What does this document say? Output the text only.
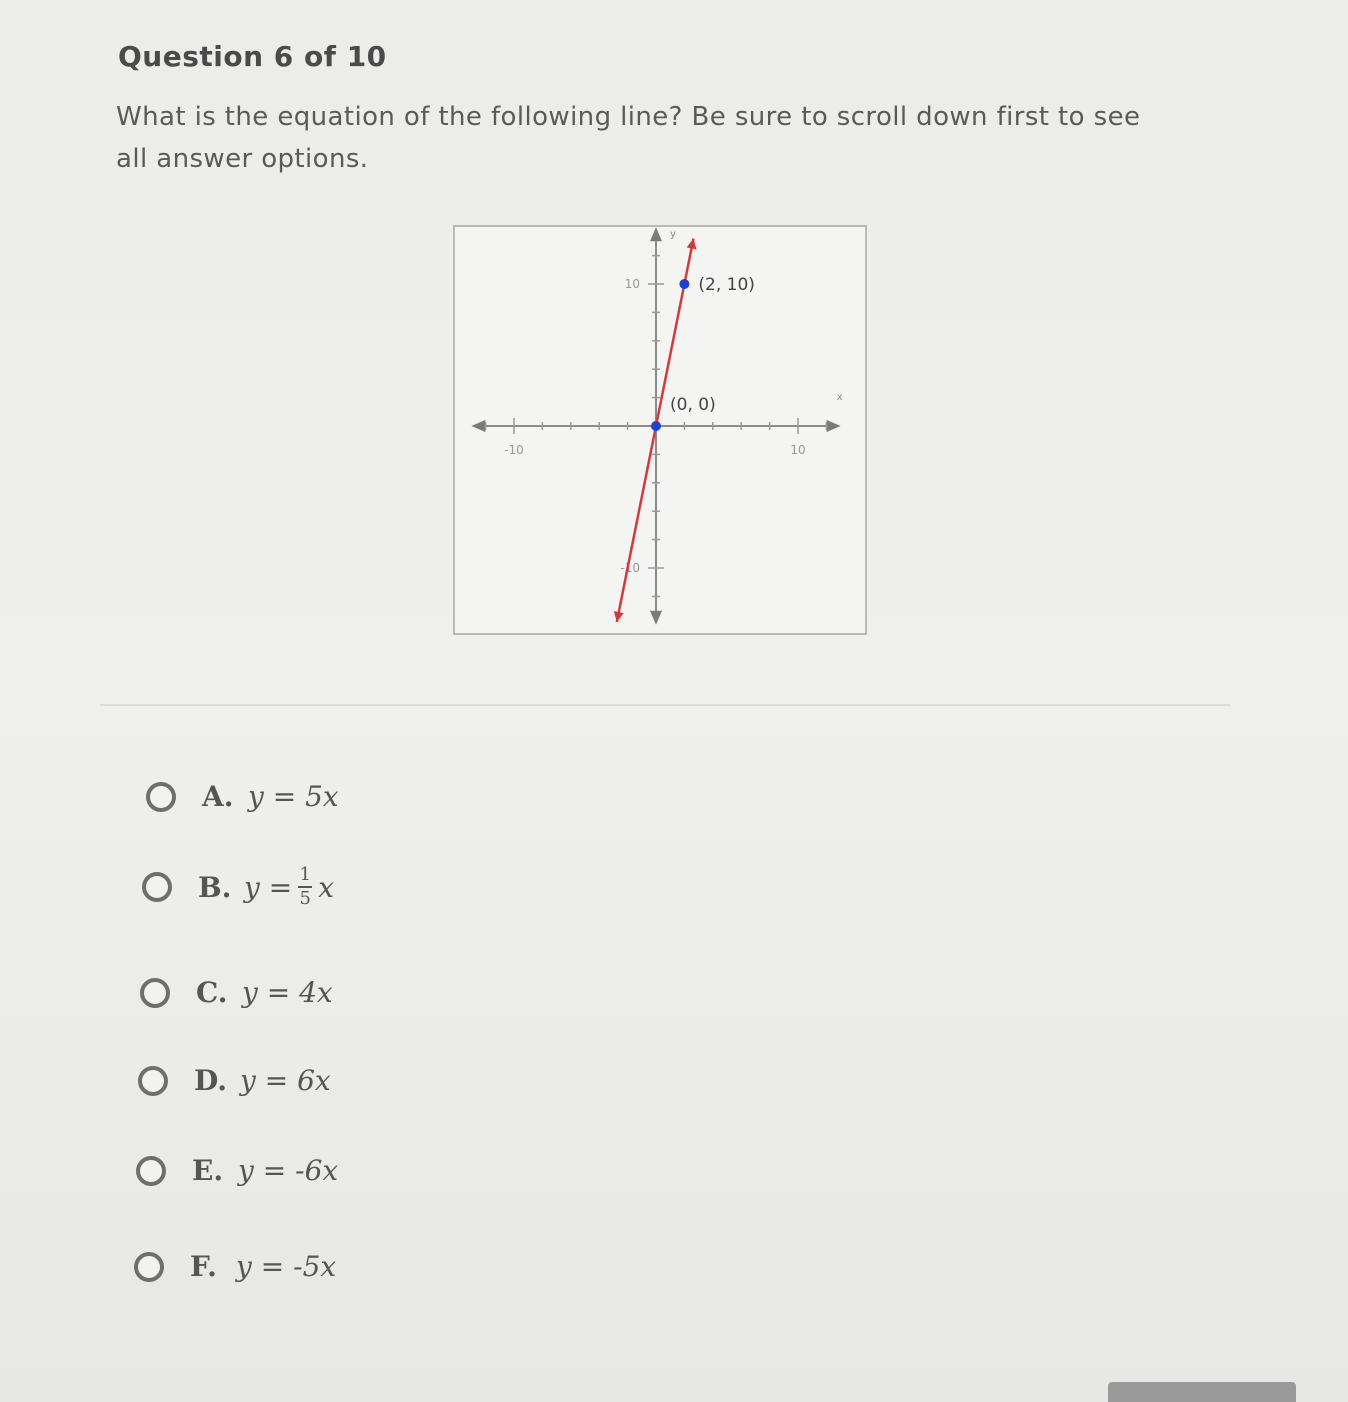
Question 6 of 10
What is the equation of the following line? Be sure to scroll down first to see all answer options.
x
y
-10	10
10
-10
(0, 0)
(2, 10)
A. y
=
5x
B. y
= $\frac{1}{5}$ x
C. y
=
4x
D. y
=
6x
E. y
=
-6x
F. y
=
-5x
